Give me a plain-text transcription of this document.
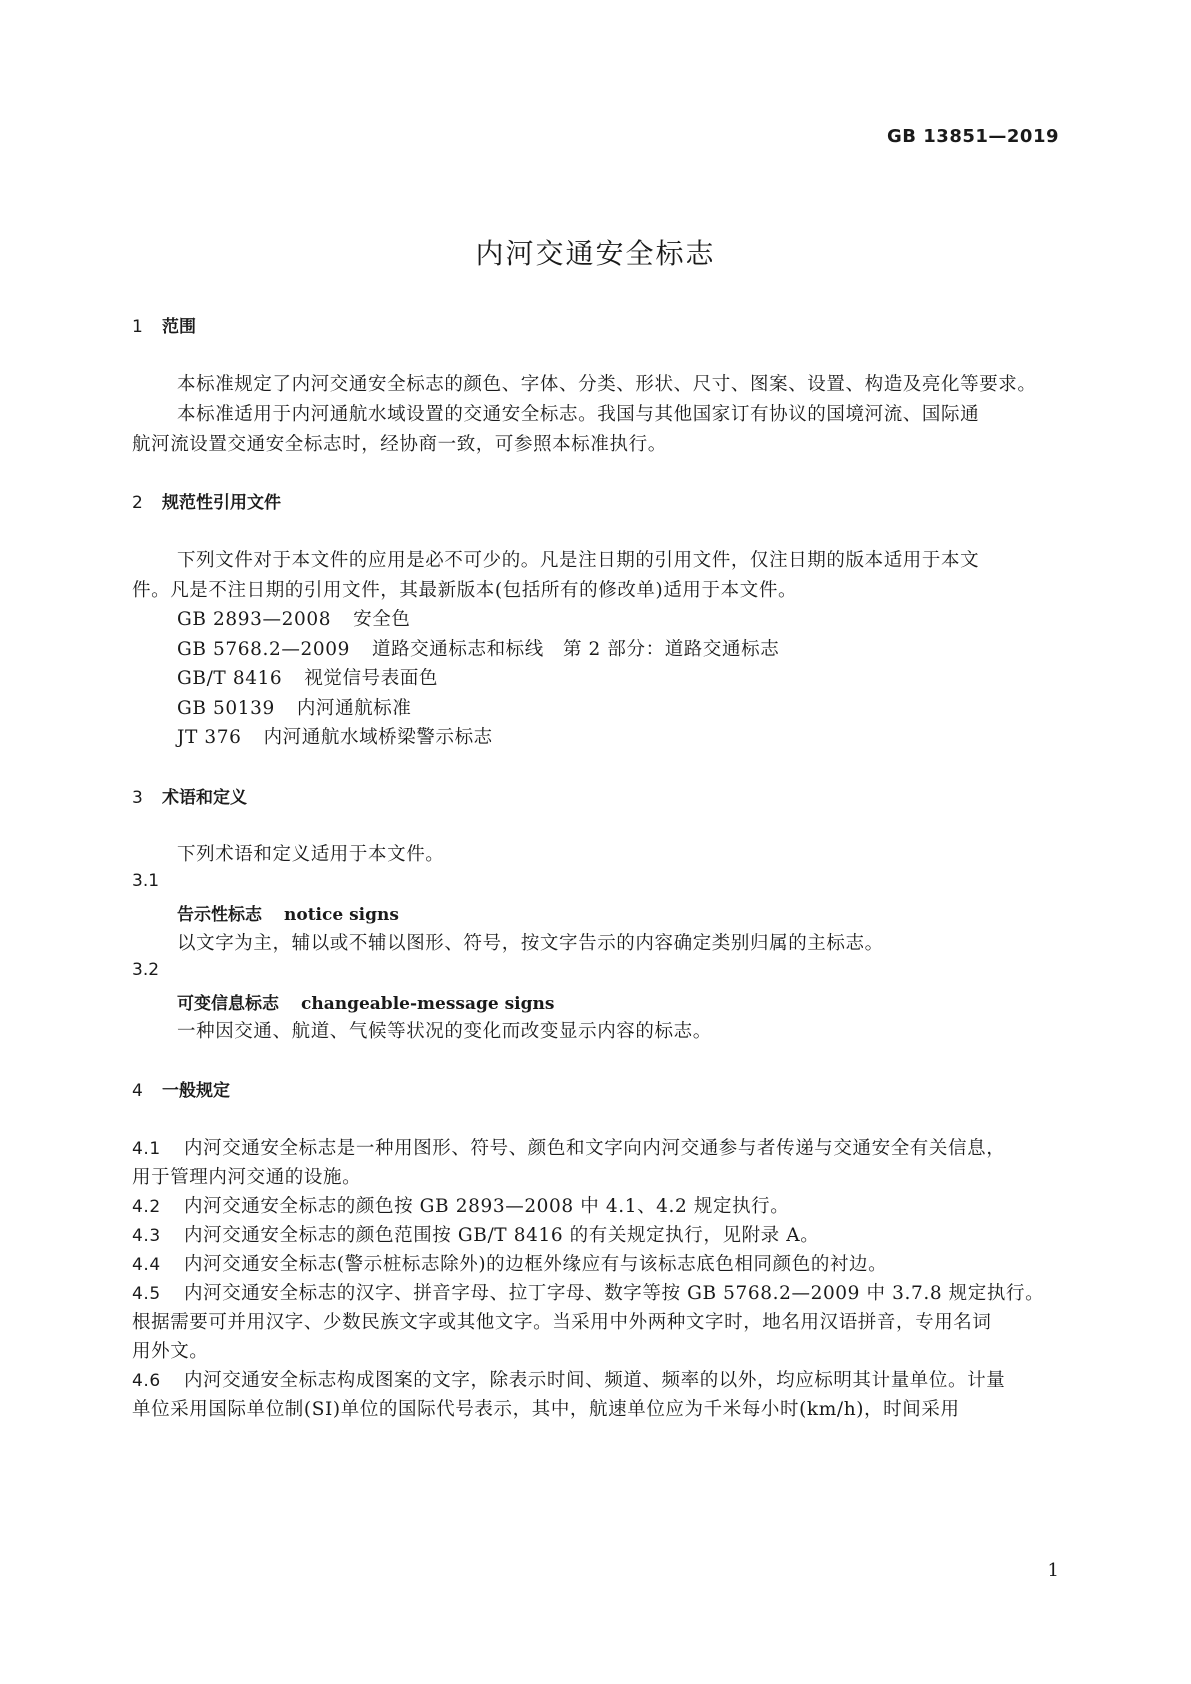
GB 13851—2019
内河交通安全标志
1 范围
本标准规定了内河交通安全标志的颜色、字体、分类、形状、尺寸、图案、设置、构造及亮化等要求。
本标准适用于内河通航水域设置的交通安全标志。我国与其他国家订有协议的国境河流、国际通
航河流设置交通安全标志时，经协商一致，可参照本标准执行。
2 规范性引用文件
下列文件对于本文件的应用是必不可少的。凡是注日期的引用文件，仅注日期的版本适用于本文
件。凡是不注日期的引用文件，其最新版本(包括所有的修改单)适用于本文件。
GB 2893—2008 安全色
GB 5768.2—2009 道路交通标志和标线　第 2 部分：道路交通标志
GB/T 8416 视觉信号表面色
GB 50139 内河通航标准
JT 376 内河通航水域桥梁警示标志
3 术语和定义
下列术语和定义适用于本文件。
3.1
告示性标志 notice signs
以文字为主，辅以或不辅以图形、符号，按文字告示的内容确定类别归属的主标志。
3.2
可变信息标志 changeable-message signs
一种因交通、航道、气候等状况的变化而改变显示内容的标志。
4 一般规定
4.1 内河交通安全标志是一种用图形、符号、颜色和文字向内河交通参与者传递与交通安全有关信息，
用于管理内河交通的设施。
4.2 内河交通安全标志的颜色按 GB 2893—2008 中 4.1、4.2 规定执行。
4.3 内河交通安全标志的颜色范围按 GB/T 8416 的有关规定执行，见附录 A。
4.4 内河交通安全标志(警示桩标志除外)的边框外缘应有与该标志底色相同颜色的衬边。
4.5 内河交通安全标志的汉字、拼音字母、拉丁字母、数字等按 GB 5768.2—2009 中 3.7.8 规定执行。
根据需要可并用汉字、少数民族文字或其他文字。当采用中外两种文字时，地名用汉语拼音，专用名词
用外文。
4.6 内河交通安全标志构成图案的文字，除表示时间、频道、频率的以外，均应标明其计量单位。计量
单位采用国际单位制(SI)单位的国际代号表示，其中，航速单位应为千米每小时(km/h)，时间采用
1
